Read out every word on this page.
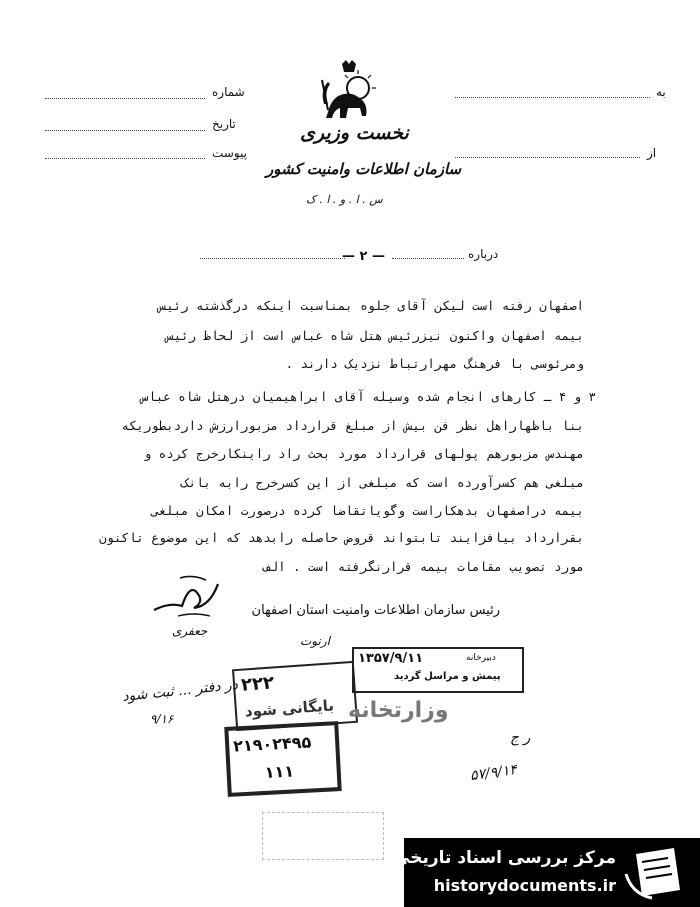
به
از
شماره
تاریخ
پیوست
نخست وزیری
سازمان اطلاعات وامنیت کشور
س . ا . و . ا . ک
درباره
— ۲ —
اصفهان رفته است لیکن آقای جلوه بمناسبت اینکه درگذشته رئیس
بیمه اصفهان واکنون نیزرئیس هتل شاه عباس است از لحاظ رئیس
ومرئوسی با فرهنگ مهرارتباط نزدیک دارند .
۳ و ۴ ـ کارهای انجام شده وسیله آقای ابراهیمیان درهتل شاه عباس
بنا باظهاراهل نظر فن بیش از مبلغ قرارداد مزبورارزش داردبطوریکه
مهندس مزبورهم پولهای قرارداد مورد بحث راد راینکارخرج کرده و
مبلغی هم کسرآورده است که مبلغی از این کسرخرج رابه بانک
بیمه دراصفهان بدهکاراست وگویاتقاضا کرده درصورت امکان مبلغی
بقرارداد بیافزایند تابتواند قروض حاصله رابدهد که این موضوع تاکنون
مورد تصویب مقامات بیمه قرارنگرفته است . الف
رئیس سازمان اطلاعات وامنیت استان اصفهان
جعفری
ارنوت
در دفتر ... ثبت شود
۹/۱۶
ر ج
۵۷/۹/۱۴
۲۲۲
بایگانی شود
۱۳۵۷/۹/۱۱	دبیرخانه
پیمش و مراسل گردید
وزارتخانه
۲۱۹۰۲۴۹۵
۱۱۱
مرکز بررسی اسناد تاریخی
historydocuments.ir
